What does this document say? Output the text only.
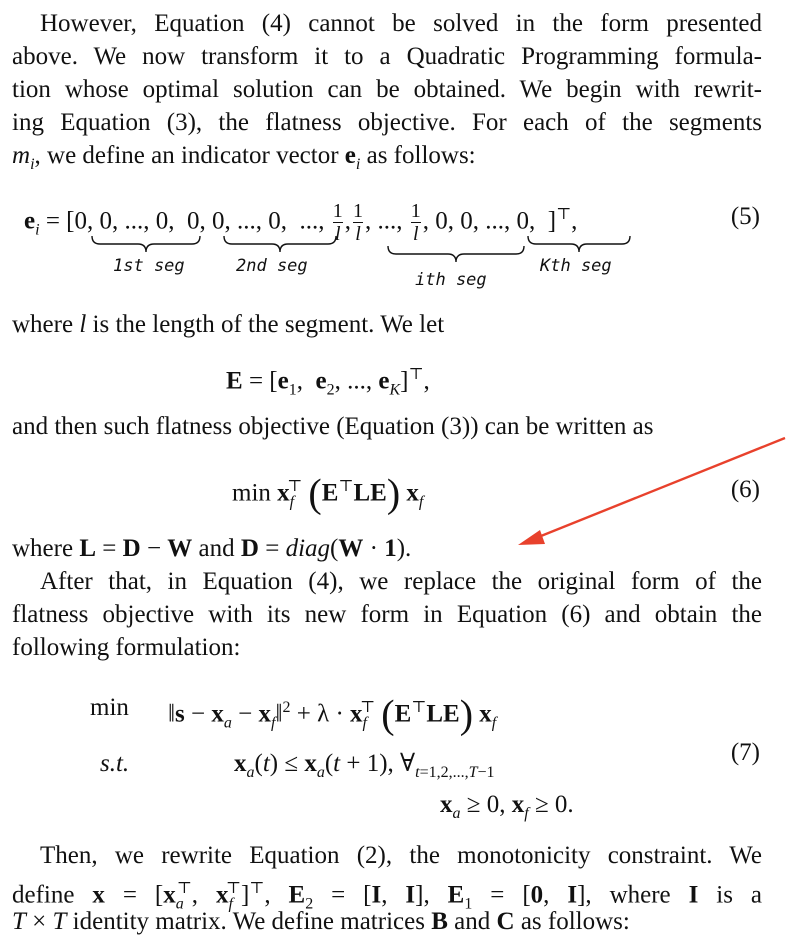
However, Equation (4) cannot be solved in the form presented
above. We now transform it to a Quadratic Programming formula-
tion whose optimal solution can be obtained. We begin with rewrit-
ing Equation (3), the flatness objective. For each of the segments
$m_i$, we define an indicator vector $e_i$ as follows:
$e_i = [0$, 0, ..., 0,  0, 0, ..., 0,  ..., $\frac{1}{l}$ , $\frac{1}{l}$ , ..., $\frac{1}{l}$ , 0, 0, ..., 0,  ]⊤,	(5)
1st seg	2nd seg
ith seg
Kth seg
where l is the length of the segment. We let
$E = [e_1$,  $e_2$, ..., $e_K]^⊤$,
and then such flatness objective (Equation (3)) can be written as
$\min x_f^⊤$ (E⊤LE) $x_f$	(6)
where L = D − W and D = diag(W · 1).
After that, in Equation (4), we replace the original form of the
flatness objective with its new form in Equation (6) and obtain the
following formulation:
min ‖s − $x_a$ − $x_f‖^2 + \lambda \cdot x_f^⊤$ (E⊤LE) $x_f$
s.t.	$x_a(t) \le x_a(t + 1)$, $\forall_{t=1,2,...,T-1}$
(7)
$x_a \ge 0$, $x_f \ge 0$.
Then, we rewrite Equation (2), the monotonicity constraint. We
define $x = [x_a^⊤$, $x_f^⊤]^⊤$, $E_2 = [I$, I], $E_1 = [0$, I], where I is a
T × T identity matrix. We define matrices B and C as follows:
